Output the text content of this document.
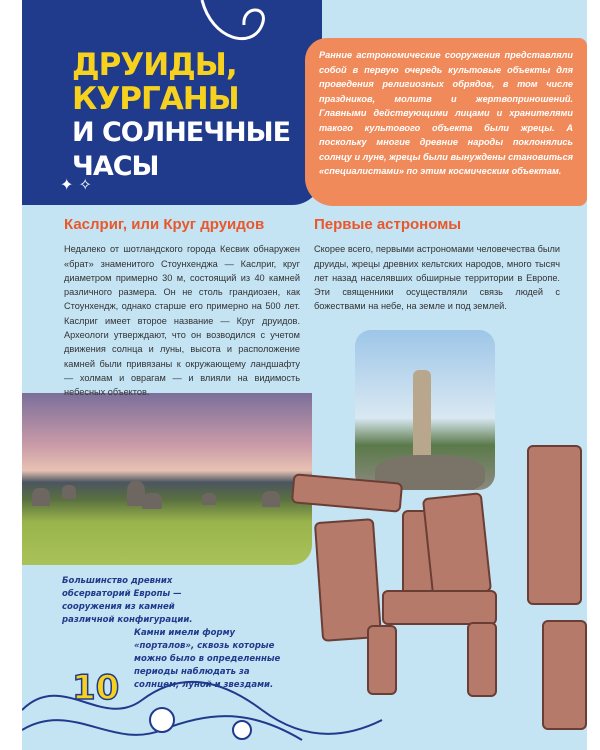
ДРУИДЫ,
КУРГАНЫ
И СОЛНЕЧНЫЕ
ЧАСЫ
✦ ✧
Ранние астрономические сооружения представляли собой в первую очередь культовые объекты для проведения религиозных обрядов, в том числе праздников, молитв и жертвоприношений. Главными действующими лицами и хранителями такого культового объекта были жрецы. А поскольку многие древние народы поклонялись солнцу и луне, жрецы были вынуждены становиться «специалистами» по этим космическим объектам.
Каслриг, или Круг друидов
Недалеко от шотландского города Кесвик обнаружен «брат» знаменитого Стоунхенджа — Каслриг, круг диаметром примерно 30 м, состоящий из 40 камней различного размера. Он не столь грандиозен, как Стоунхендж, однако старше его примерно на 500 лет. Каслриг имеет второе название — Круг друидов. Археологи утверждают, что он возводился с учетом движения солнца и луны, высота и расположение камней были привязаны к окружающему ландшафту — холмам и оврагам — и влияли на видимость небесных объектов.
Первые астрономы
Скорее всего, первыми астрономами человечества были друиды, жрецы древних кельтских народов, много тысяч лет назад населявших обширные территории в Европе. Эти священники осуществляли связь людей с божествами на небе, на земле и под землей.
Большинство древних обсерваторий Европы — сооружения из камней различной конфигурации.
Камни имели форму «порталов», сквозь которые можно было в определенные периоды наблюдать за солнцем, луной и звездами.
10
